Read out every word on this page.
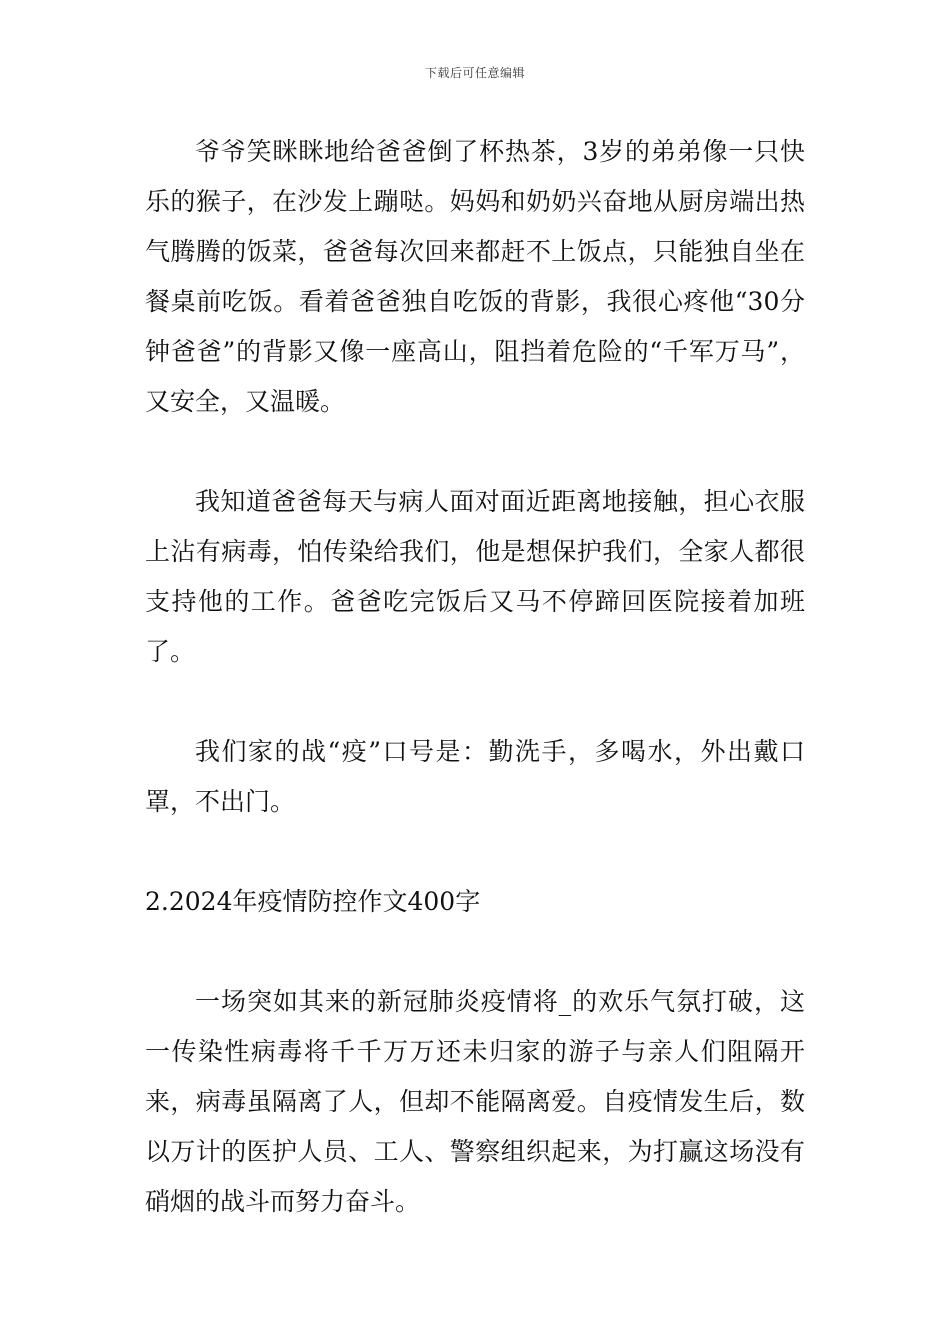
下载后可任意编辑

爷爷笑眯眯地给爸爸倒了杯热茶，3岁的弟弟像一只快乐的猴子，在沙发上蹦哒。妈妈和奶奶兴奋地从厨房端出热气腾腾的饭菜，爸爸每次回来都赶不上饭点，只能独自坐在餐桌前吃饭。看着爸爸独自吃饭的背影，我很心疼他“30分钟爸爸”的背影又像一座高山，阻挡着危险的“千军万马”，又安全，又温暖。

我知道爸爸每天与病人面对面近距离地接触，担心衣服上沾有病毒，怕传染给我们，他是想保护我们，全家人都很支持他的工作。爸爸吃完饭后又马不停蹄回医院接着加班了。

我们家的战“疫”口号是：勤洗手，多喝水，外出戴口罩，不出门。

2.2024年疫情防控作文400字

一场突如其来的新冠肺炎疫情将_的欢乐气氛打破，这一传染性病毒将千千万万还未归家的游子与亲人们阻隔开来，病毒虽隔离了人，但却不能隔离爱。自疫情发生后，数以万计的医护人员、工人、警察组织起来，为打赢这场没有硝烟的战斗而努力奋斗。
